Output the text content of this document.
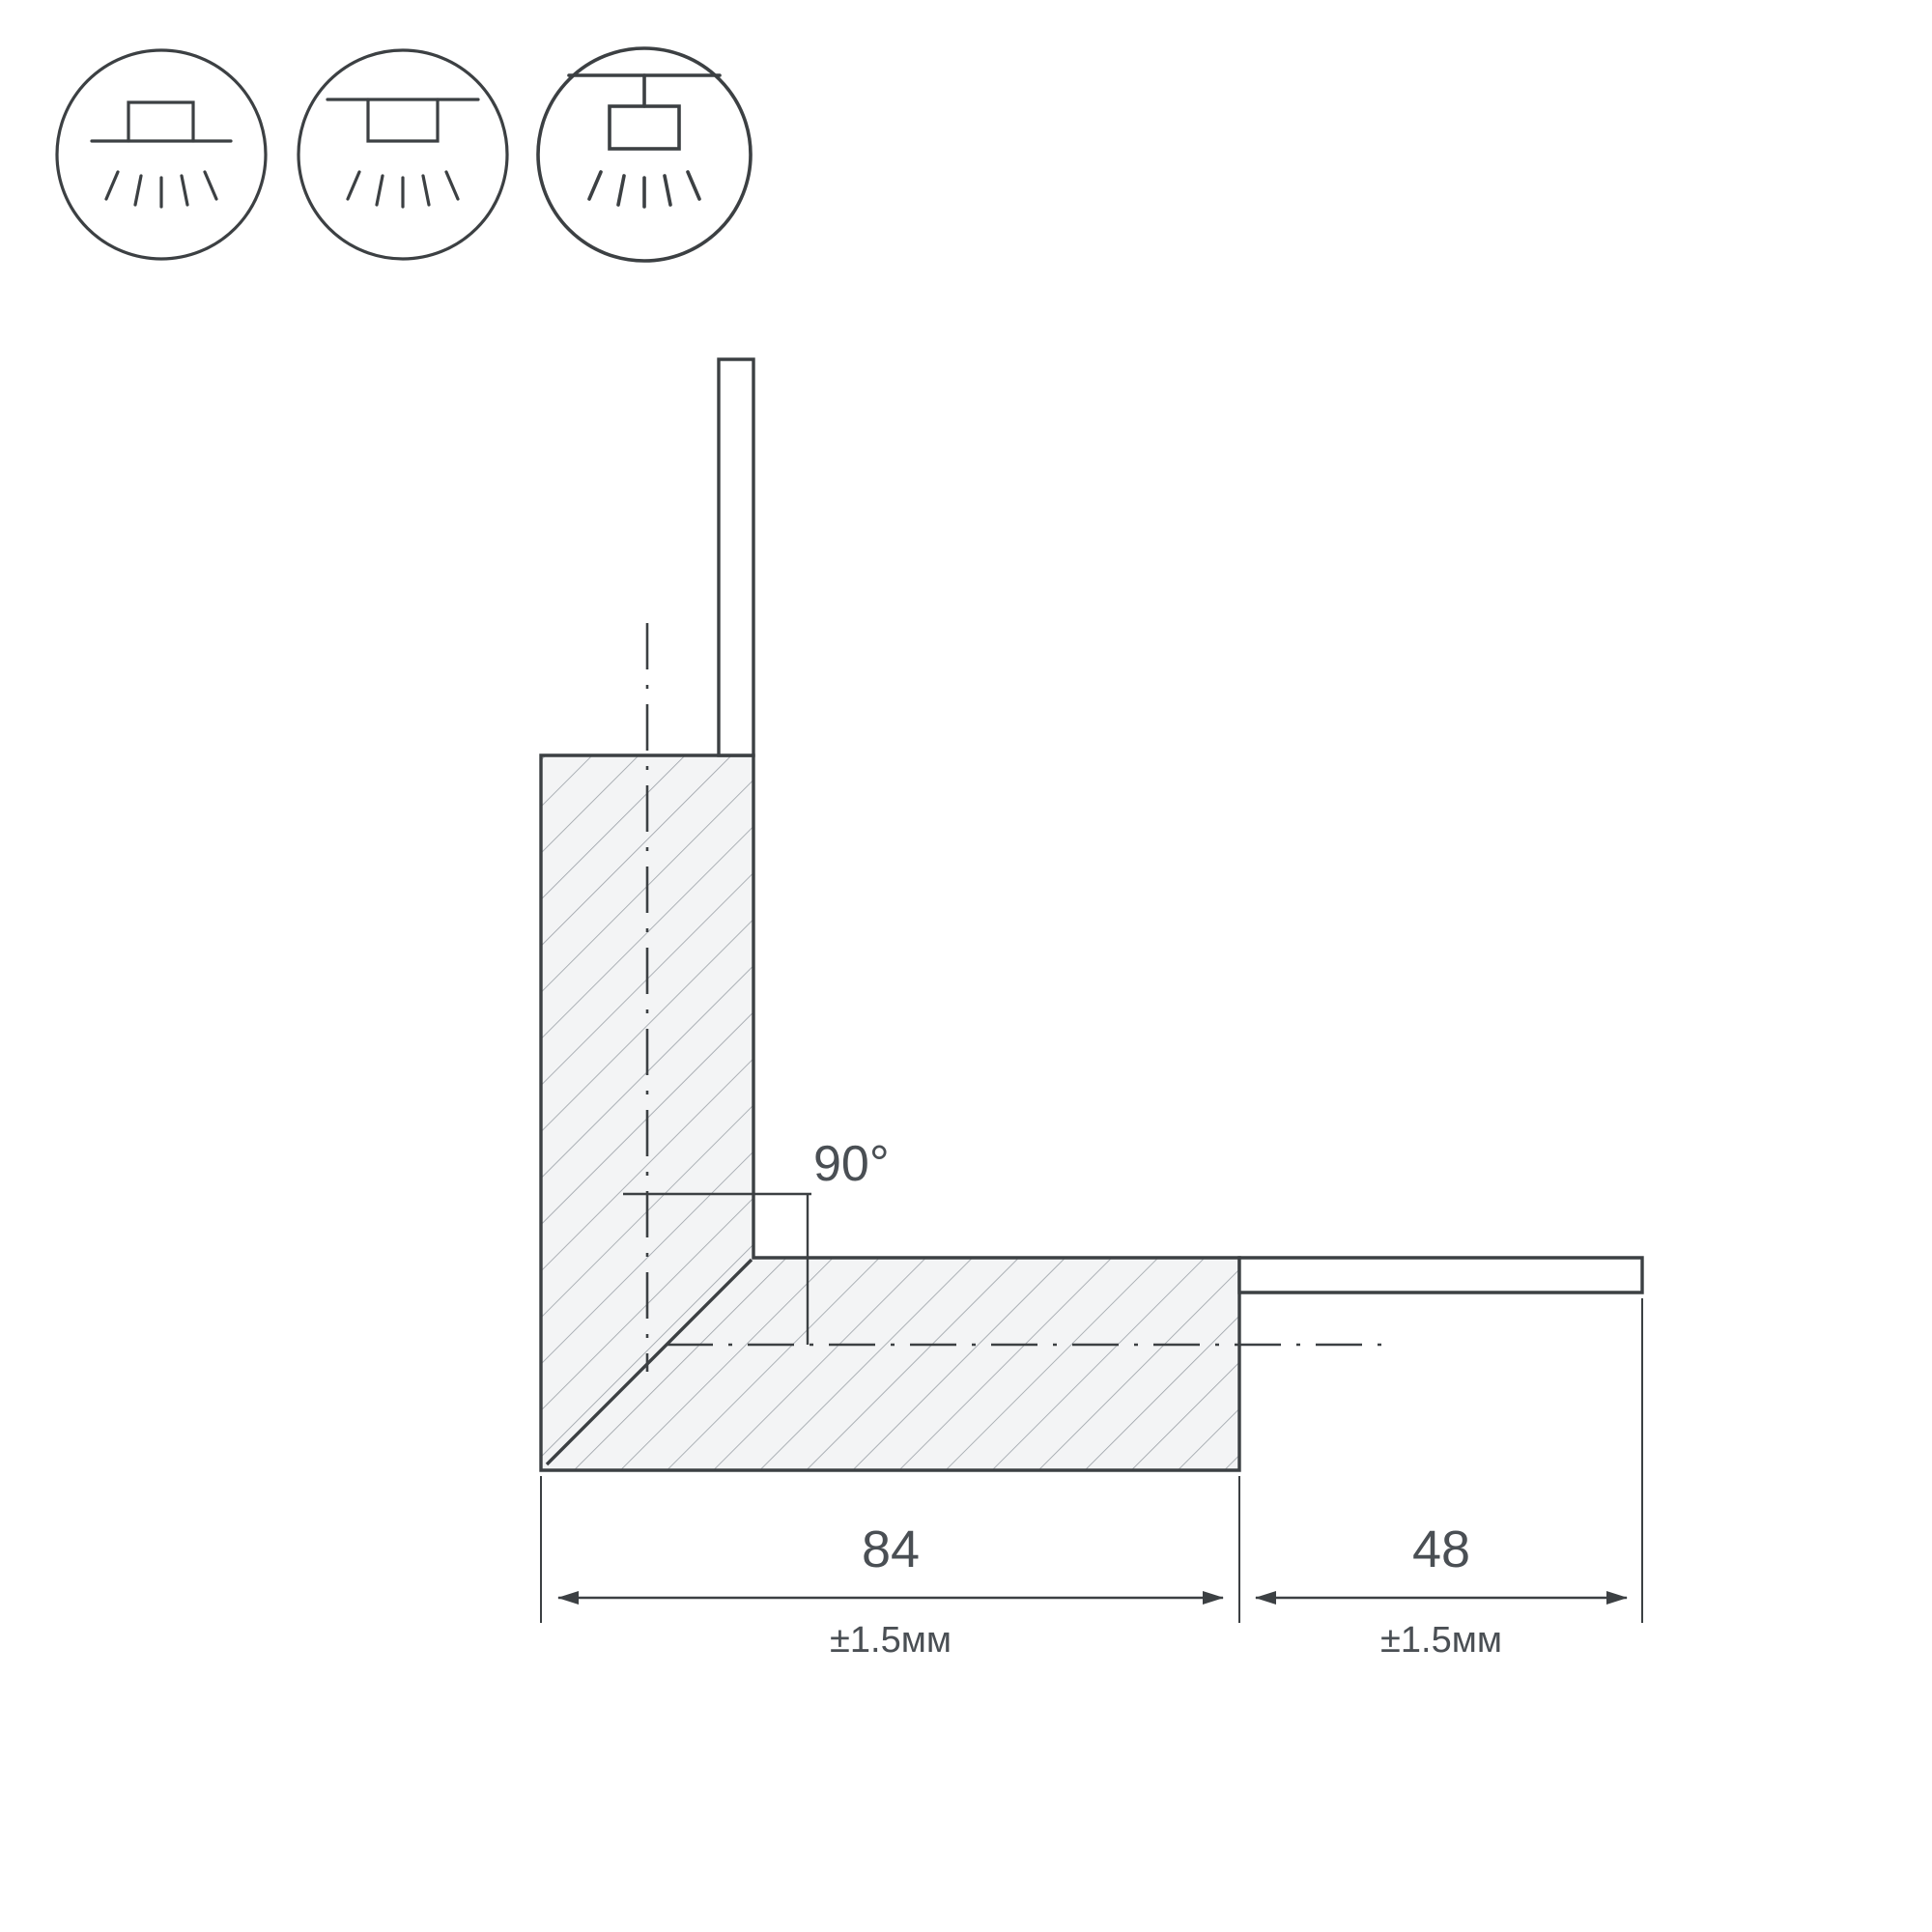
90°
84
±1.5мм
48
±1.5мм
